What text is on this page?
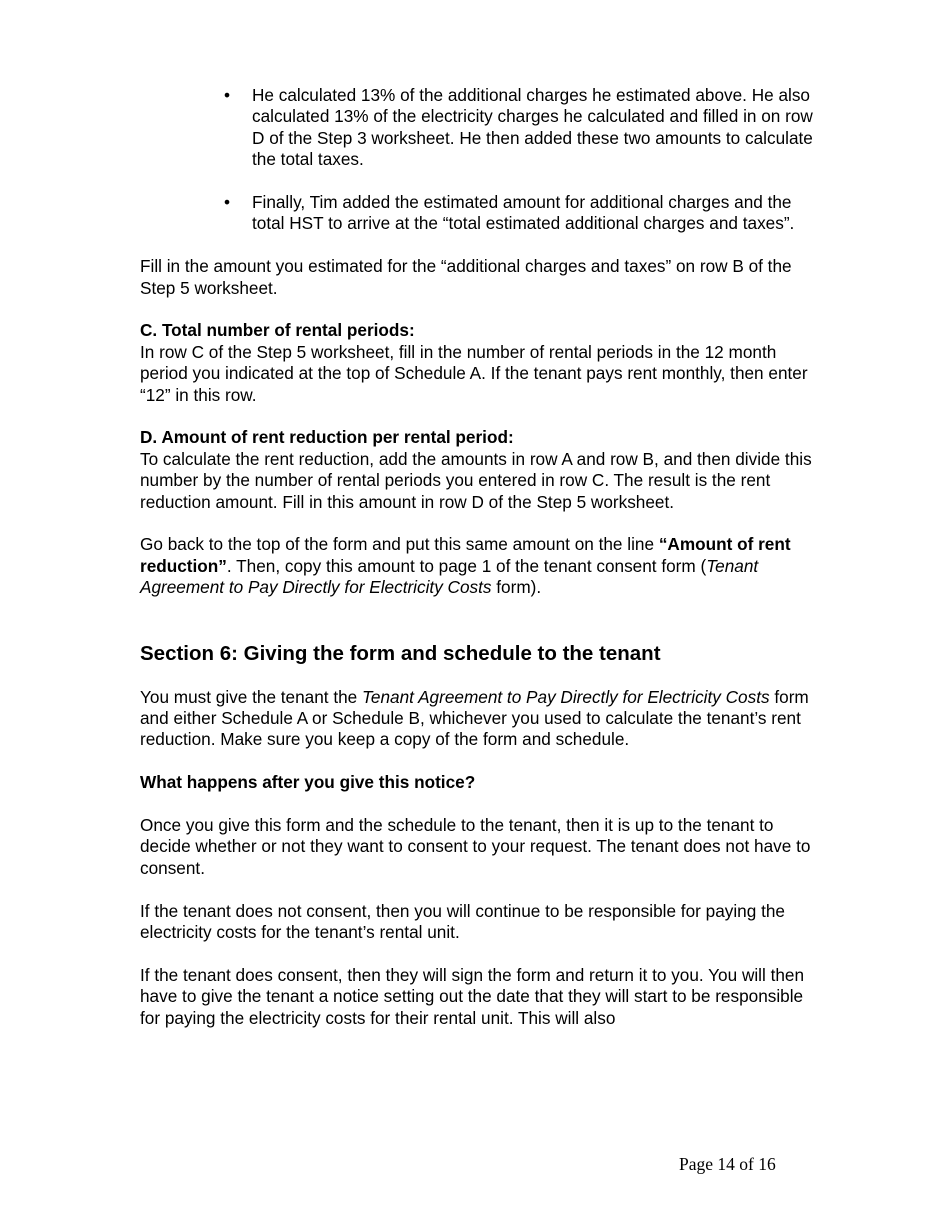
• He calculated 13% of the additional charges he estimated above. He also calculated 13% of the electricity charges he calculated and filled in on row D of the Step 3 worksheet. He then added these two amounts to calculate the total taxes.
• Finally, Tim added the estimated amount for additional charges and the total HST to arrive at the “total estimated additional charges and taxes”.

Fill in the amount you estimated for the “additional charges and taxes” on row B of the Step 5 worksheet.

C. Total number of rental periods:
In row C of the Step 5 worksheet, fill in the number of rental periods in the 12 month period you indicated at the top of Schedule A. If the tenant pays rent monthly, then enter “12” in this row.

D. Amount of rent reduction per rental period:
To calculate the rent reduction, add the amounts in row A and row B, and then divide this number by the number of rental periods you entered in row C. The result is the rent reduction amount. Fill in this amount in row D of the Step 5 worksheet.

Go back to the top of the form and put this same amount on the line “Amount of rent reduction”. Then, copy this amount to page 1 of the tenant consent form (Tenant Agreement to Pay Directly for Electricity Costs form).

Section 6: Giving the form and schedule to the tenant

You must give the tenant the Tenant Agreement to Pay Directly for Electricity Costs form and either Schedule A or Schedule B, whichever you used to calculate the tenant’s rent reduction. Make sure you keep a copy of the form and schedule.

What happens after you give this notice?

Once you give this form and the schedule to the tenant, then it is up to the tenant to decide whether or not they want to consent to your request. The tenant does not have to consent.

If the tenant does not consent, then you will continue to be responsible for paying the electricity costs for the tenant’s rental unit.

If the tenant does consent, then they will sign the form and return it to you. You will then have to give the tenant a notice setting out the date that they will start to be responsible for paying the electricity costs for their rental unit. This will also

Page 14 of 16
